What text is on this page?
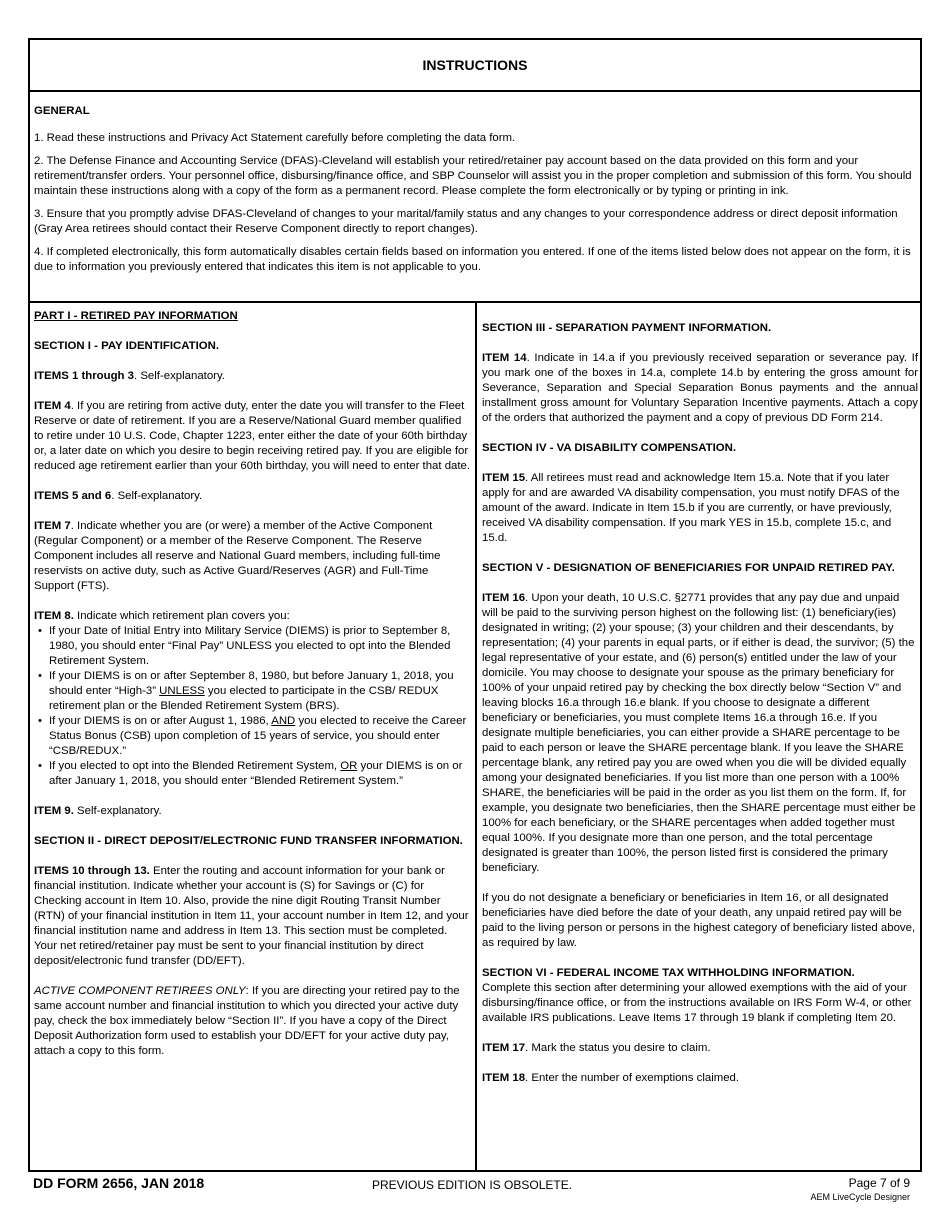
INSTRUCTIONS
GENERAL

1. Read these instructions and Privacy Act Statement carefully before completing the data form.

2. The Defense Finance and Accounting Service (DFAS)-Cleveland will establish your retired/retainer pay account based on the data provided on this form and your retirement/transfer orders. Your personnel office, disbursing/finance office, and SBP Counselor will assist you in the proper completion and submission of this form. You should maintain these instructions along with a copy of the form as a permanent record. Please complete the form electronically or by typing or printing in ink.

3. Ensure that you promptly advise DFAS-Cleveland of changes to your marital/family status and any changes to your correspondence address or direct deposit information (Gray Area retirees should contact their Reserve Component directly to report changes).

4. If completed electronically, this form automatically disables certain fields based on information you entered. If one of the items listed below does not appear on the form, it is due to information you previously entered that indicates this item is not applicable to you.

PART I - RETIRED PAY INFORMATION

SECTION I - PAY IDENTIFICATION.

ITEMS 1 through 3. Self-explanatory.

ITEM 4. If you are retiring from active duty, enter the date you will transfer to the Fleet Reserve or date of retirement. If you are a Reserve/National Guard member qualified to retire under 10 U.S. Code, Chapter 1223, enter either the date of your 60th birthday or, a later date on which you desire to begin receiving retired pay. If you are eligible for reduced age retirement earlier than your 60th birthday, you will need to enter that date.

ITEMS 5 and 6. Self-explanatory.

ITEM 7. Indicate whether you are (or were) a member of the Active Component (Regular Component) or a member of the Reserve Component. The Reserve Component includes all reserve and National Guard members, including full-time reservists on active duty, such as Active Guard/Reserves (AGR) and Full-Time Support (FTS).

ITEM 8. Indicate which retirement plan covers you:

• If your Date of Initial Entry into Military Service (DIEMS) is prior to September 8, 1980, you should enter “Final Pay” UNLESS you elected to opt into the Blended Retirement System.
• If your DIEMS is on or after September 8, 1980, but before January 1, 2018, you should enter “High-3” UNLESS you elected to participate in the CSB/ REDUX retirement plan or the Blended Retirement System (BRS).
• If your DIEMS is on or after August 1, 1986, AND you elected to receive the Career Status Bonus (CSB) upon completion of 15 years of service, you should enter “CSB/REDUX.”
• If you elected to opt into the Blended Retirement System, OR your DIEMS is on or after January 1, 2018, you should enter “Blended Retirement System.”

ITEM 9. Self-explanatory.

SECTION II - DIRECT DEPOSIT/ELECTRONIC FUND TRANSFER INFORMATION.

ITEMS 10 through 13. Enter the routing and account information for your bank or financial institution. Indicate whether your account is (S) for Savings or (C) for Checking account in Item 10. Also, provide the nine digit Routing Transit Number (RTN) of your financial institution in Item 11, your account number in Item 12, and your financial institution name and address in Item 13. This section must be completed. Your net retired/retainer pay must be sent to your financial institution by direct deposit/electronic fund transfer (DD/EFT).

ACTIVE COMPONENT RETIREES ONLY: If you are directing your retired pay to the same account number and financial institution to which you directed your active duty pay, check the box immediately below “Section II”. If you have a copy of the Direct Deposit Authorization form used to establish your DD/EFT for your active duty pay, attach a copy to this form.

SECTION III - SEPARATION PAYMENT INFORMATION.

ITEM 14. Indicate in 14.a if you previously received separation or severance pay. If you mark one of the boxes in 14.a, complete 14.b by entering the gross amount for Severance, Separation and Special Separation Bonus payments and the annual installment gross amount for Voluntary Separation Incentive payments. Attach a copy of the orders that authorized the payment and a copy of previous DD Form 214.

SECTION IV - VA DISABILITY COMPENSATION.

ITEM 15. All retirees must read and acknowledge Item 15.a. Note that if you later apply for and are awarded VA disability compensation, you must notify DFAS of the amount of the award. Indicate in Item 15.b if you are currently, or have previously, received VA disability compensation. If you mark YES in 15.b, complete 15.c, and 15.d.

SECTION V - DESIGNATION OF BENEFICIARIES FOR UNPAID RETIRED PAY.

ITEM 16. Upon your death, 10 U.S.C. §2771 provides that any pay due and unpaid will be paid to the surviving person highest on the following list: (1) beneficiary(ies) designated in writing; (2) your spouse; (3) your children and their descendants, by representation; (4) your parents in equal parts, or if either is dead, the survivor; (5) the legal representative of your estate, and (6) person(s) entitled under the law of your domicile. You may choose to designate your spouse as the primary beneficiary for 100% of your unpaid retired pay by checking the box directly below “Section V” and leaving blocks 16.a through 16.e blank. If you choose to designate a different beneficiary or beneficiaries, you must complete Items 16.a through 16.e. If you designate multiple beneficiaries, you can either provide a SHARE percentage to be paid to each person or leave the SHARE percentage blank. If you leave the SHARE percentage blank, any retired pay you are owed when you die will be divided equally among your designated beneficiaries. If you list more than one person with a 100% SHARE, the beneficiaries will be paid in the order as you list them on the form. If, for example, you designate two beneficiaries, then the SHARE percentage must either be 100% for each beneficiary, or the SHARE percentages when added together must equal 100%. If you designate more than one person, and the total percentage designated is greater than 100%, the person listed first is considered the primary beneficiary.

If you do not designate a beneficiary or beneficiaries in Item 16, or all designated beneficiaries have died before the date of your death, any unpaid retired pay will be paid to the living person or persons in the highest category of beneficiary listed above, as required by law.

SECTION VI - FEDERAL INCOME TAX WITHHOLDING INFORMATION.
Complete this section after determining your allowed exemptions with the aid of your disbursing/finance office, or from the instructions available on IRS Form W-4, or other available IRS publications. Leave Items 17 through 19 blank if completing Item 20.

ITEM 17. Mark the status you desire to claim.

ITEM 18. Enter the number of exemptions claimed.

DD FORM 2656, JAN 2018	PREVIOUS EDITION IS OBSOLETE.	Page 7 of 9
AEM LiveCycle Designer
